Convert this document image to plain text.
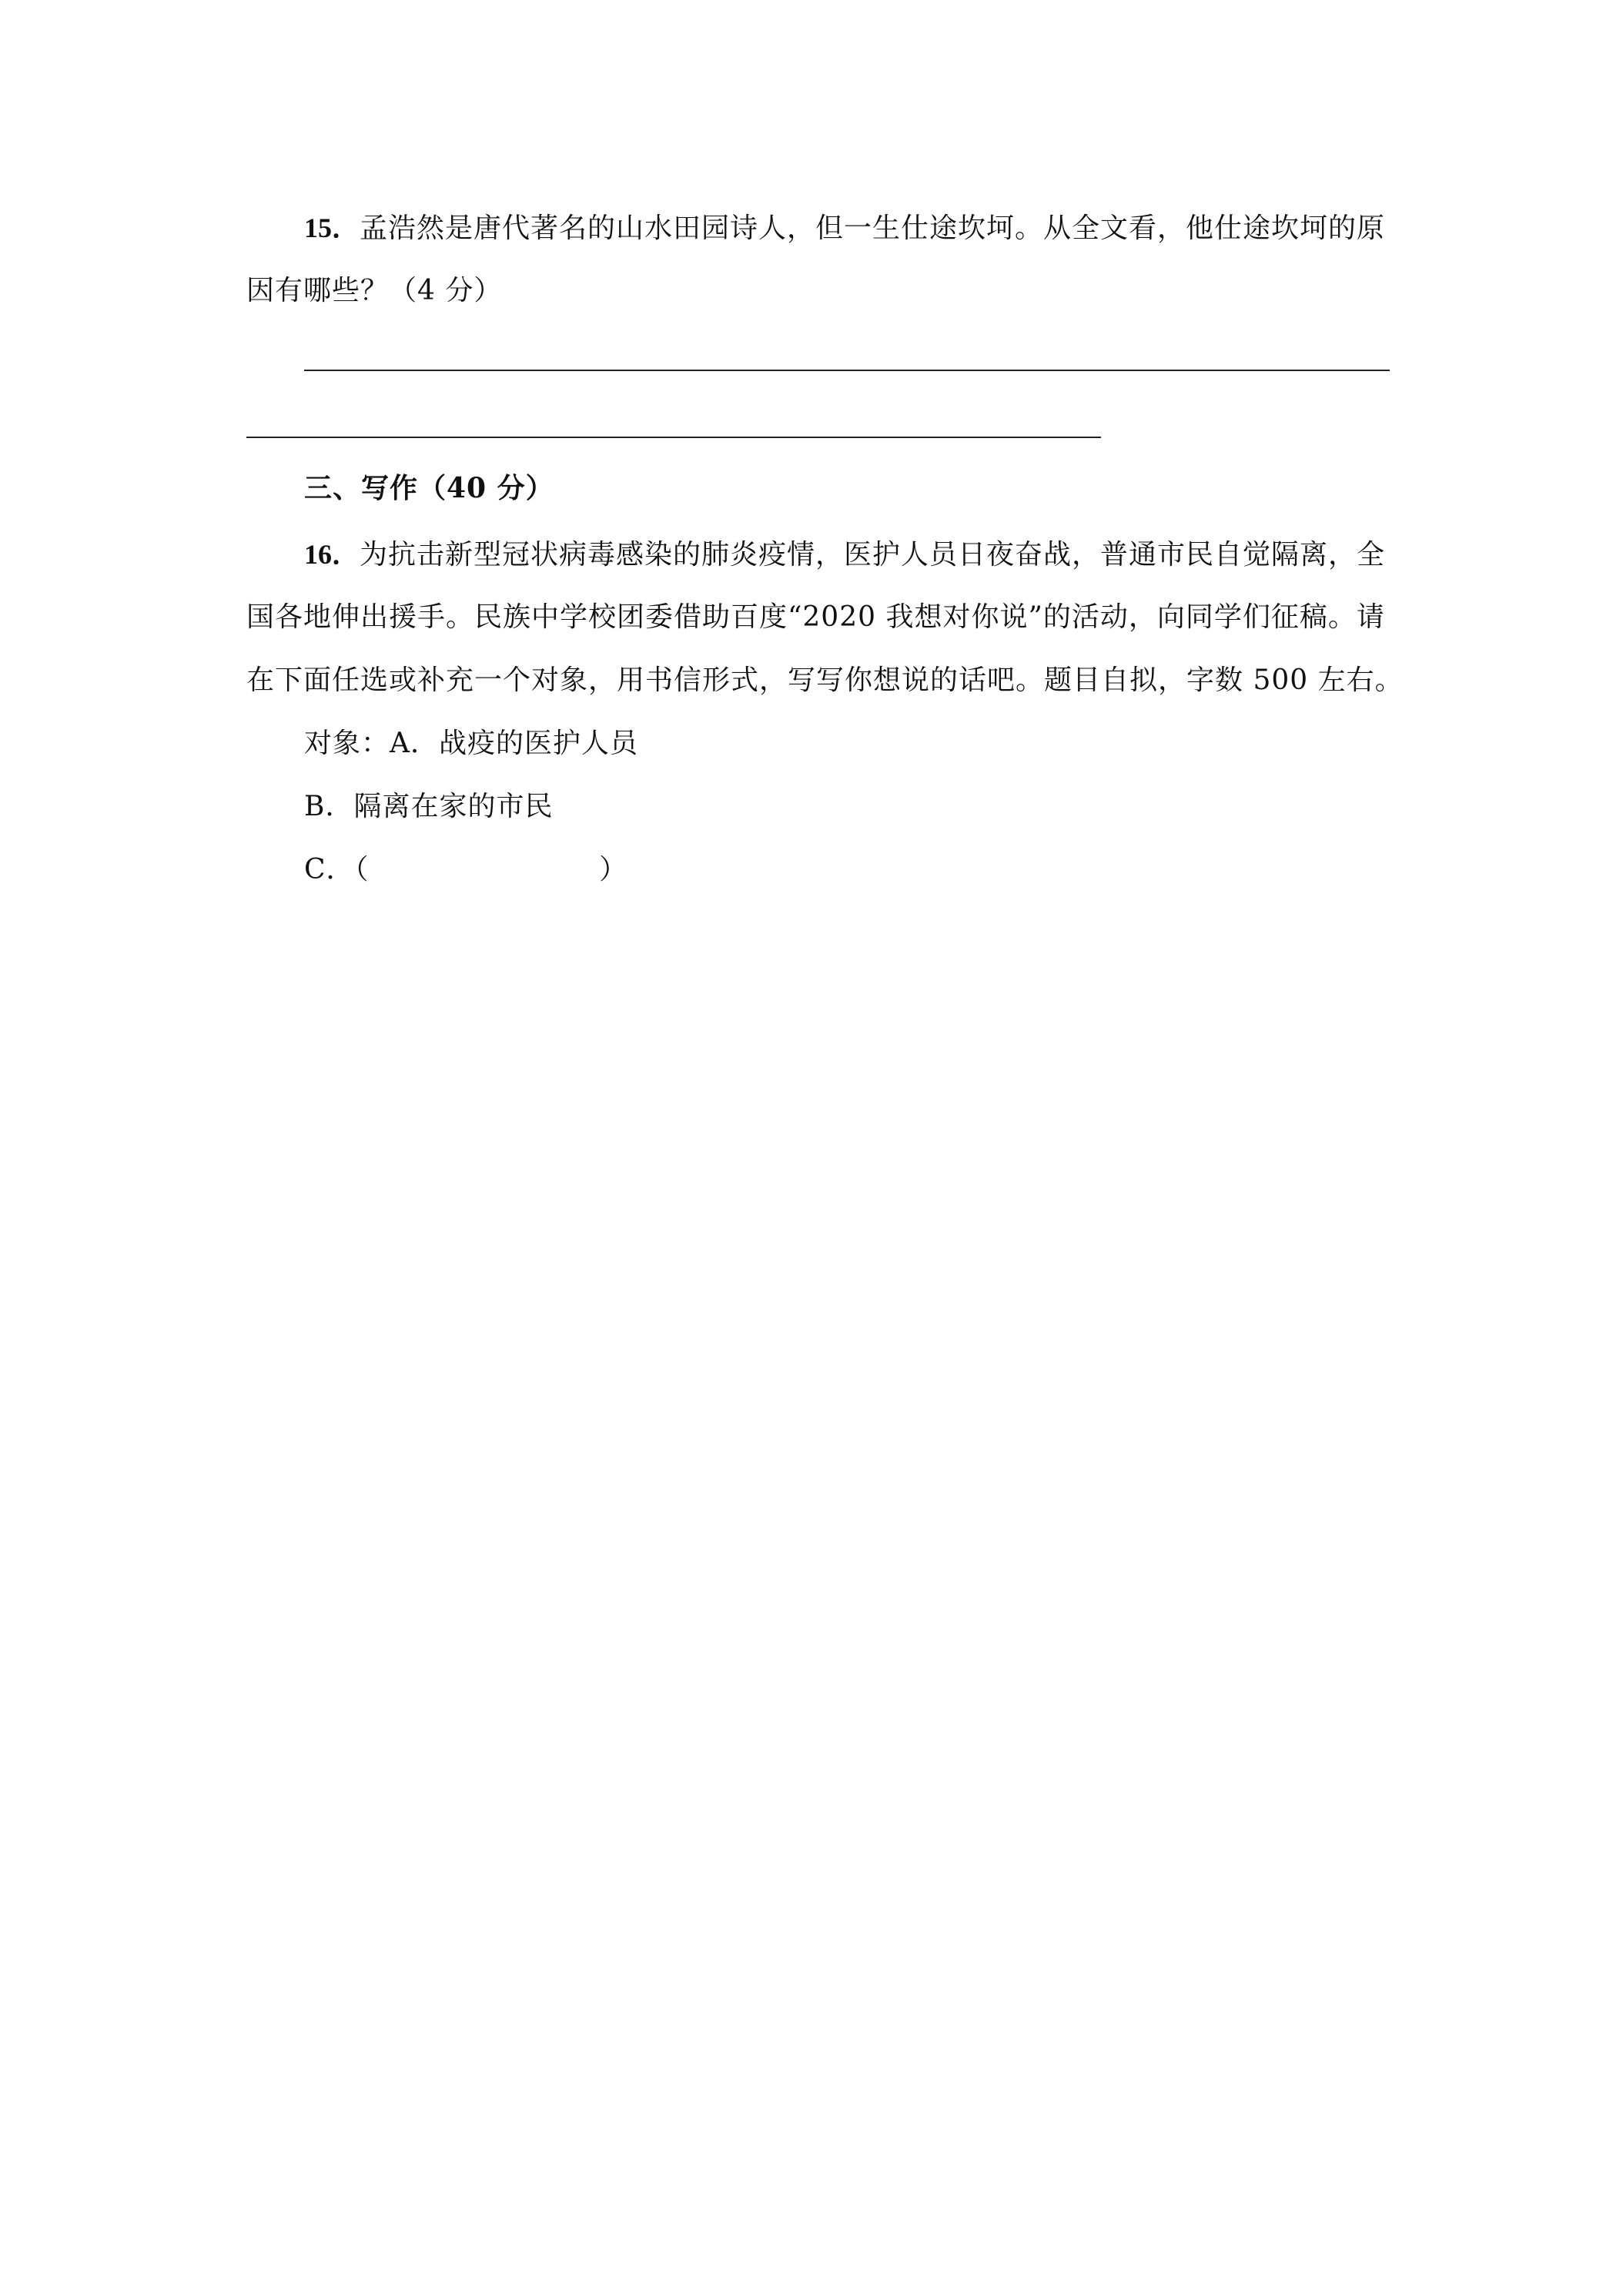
15．孟浩然是唐代著名的山水田园诗人，但一生仕途坎坷。从全文看，他仕途坎坷的原
因有哪些？（4 分）
三、写作（40 分）
16．为抗击新型冠状病毒感染的肺炎疫情，医护人员日夜奋战，普通市民自觉隔离，全
国各地伸出援手。民族中学校团委借助百度“2020 我想对你说”的活动，向同学们征稿。请
在下面任选或补充一个对象，用书信形式，写写你想说的话吧。题目自拟，字数 500 左右。
对象：A．战疫的医护人员
B．隔离在家的市民
C．（                        ）
